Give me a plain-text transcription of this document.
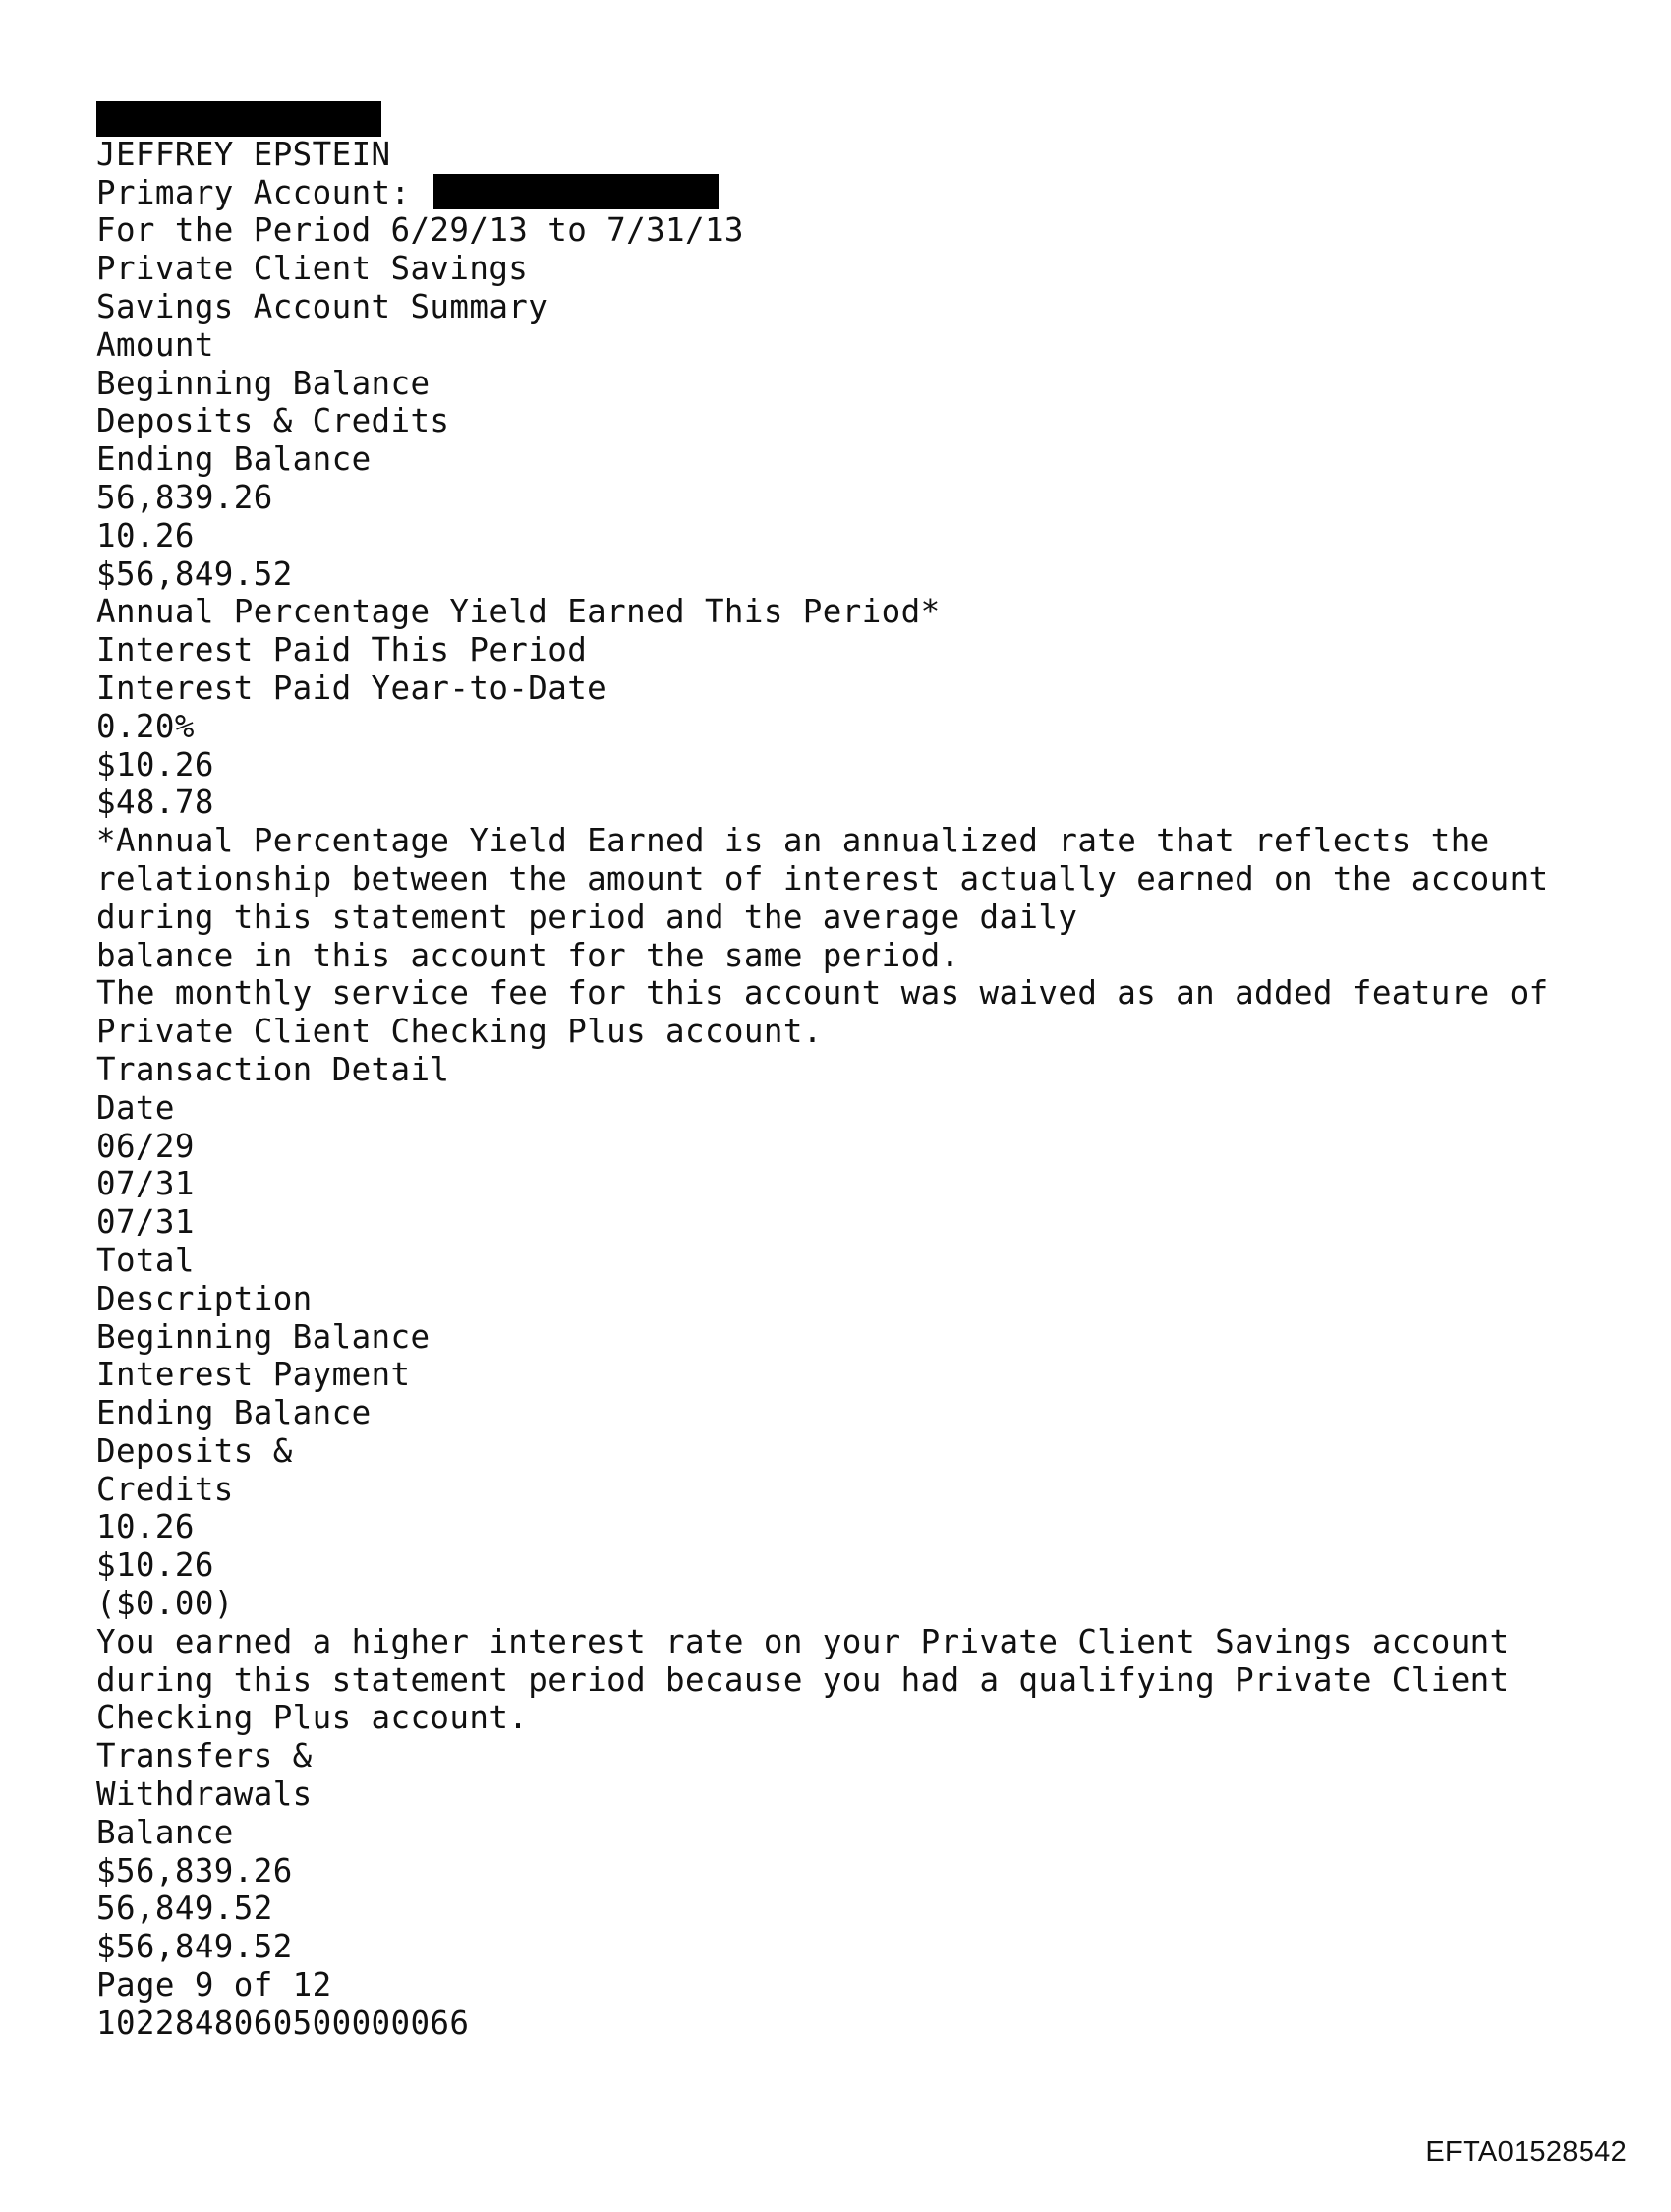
JEFFREY EPSTEIN
Primary Account:
For the Period 6/29/13 to 7/31/13
Private Client Savings
Savings Account Summary
Amount
Beginning Balance
Deposits & Credits
Ending Balance
56,839.26
10.26
$56,849.52
Annual Percentage Yield Earned This Period*
Interest Paid This Period
Interest Paid Year-to-Date
0.20%
$10.26
$48.78
*Annual Percentage Yield Earned is an annualized rate that reflects the
relationship between the amount of interest actually earned on the account
during this statement period and the average daily
balance in this account for the same period.
The monthly service fee for this account was waived as an added feature of
Private Client Checking Plus account.
Transaction Detail
Date
06/29
07/31
07/31
Total
Description
Beginning Balance
Interest Payment
Ending Balance
Deposits &
Credits
10.26
$10.26
($0.00)
You earned a higher interest rate on your Private Client Savings account
during this statement period because you had a qualifying Private Client
Checking Plus account.
Transfers &
Withdrawals
Balance
$56,839.26
56,849.52
$56,849.52
Page 9 of 12
1022848060500000066
EFTA01528542
